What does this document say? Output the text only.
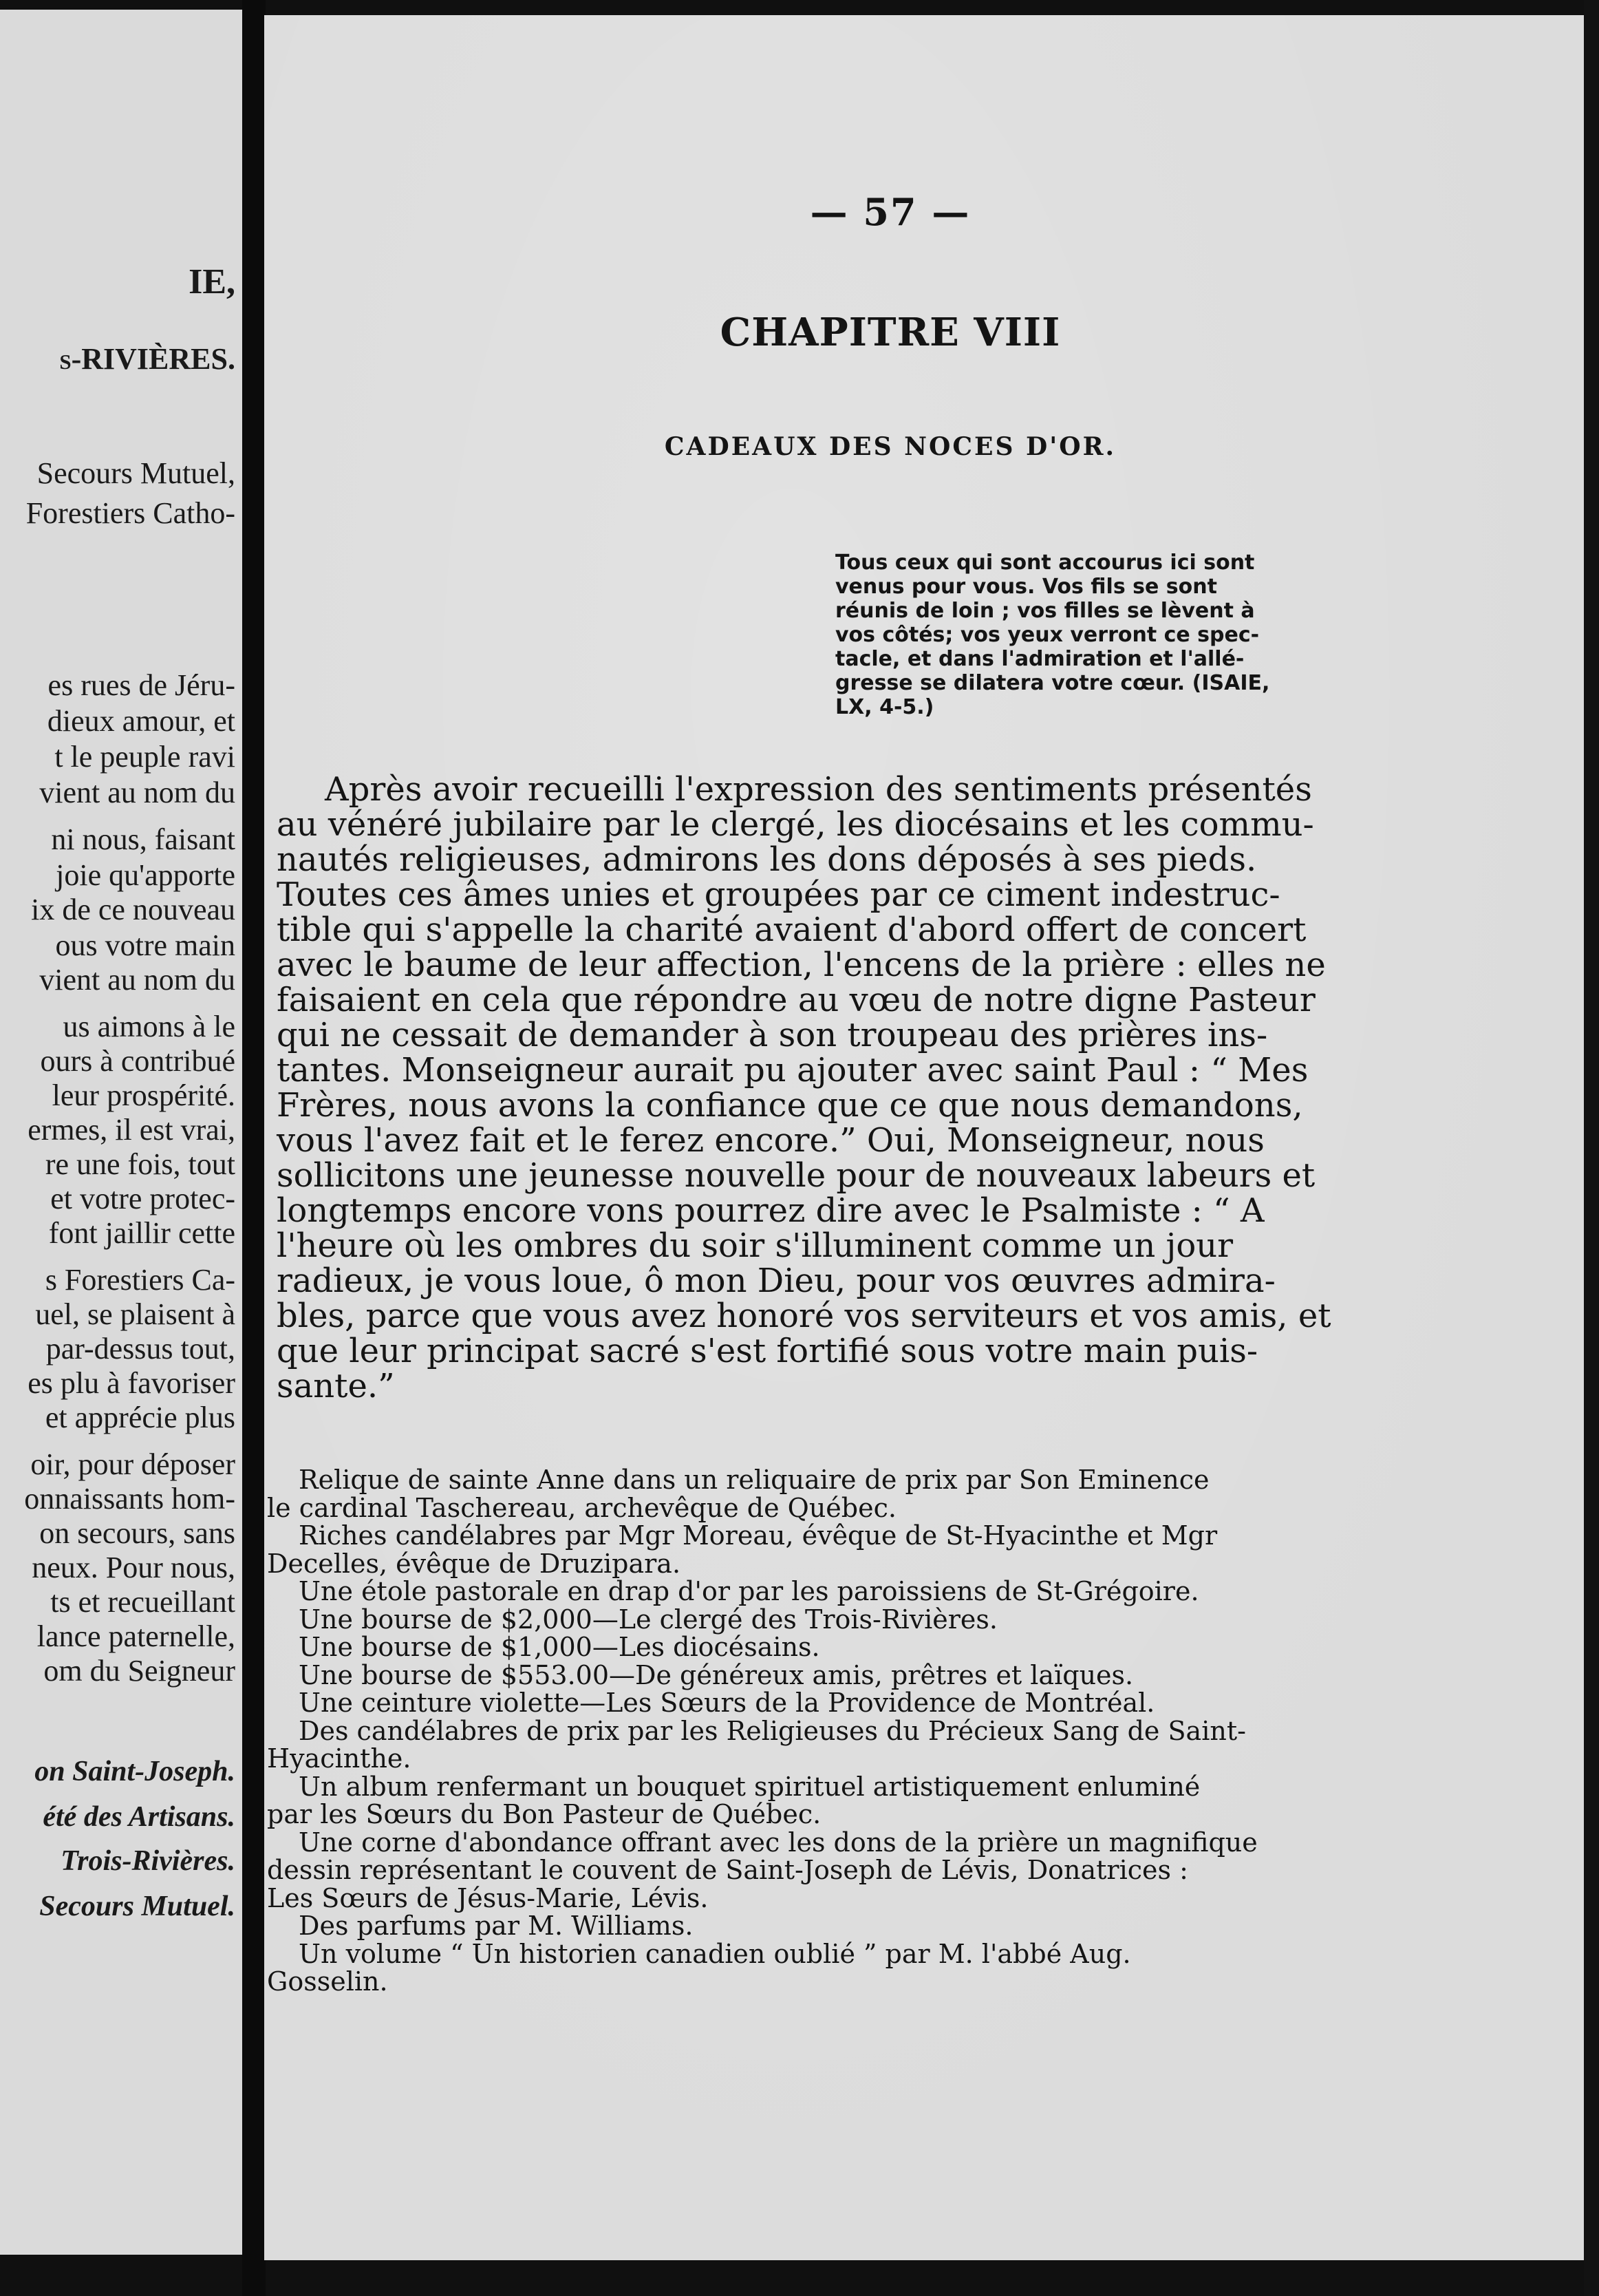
IE,
s-RIVIÈRES.
Secours Mutuel,
Forestiers Catho-
es rues de Jéru-
dieux amour, et
t le peuple ravi
vient au nom du
ni nous, faisant
joie qu'apporte
ix de ce nouveau
ous votre main
vient au nom du
us aimons à le
ours à contribué
leur prospérité.
ermes, il est vrai,
re une fois, tout
et votre protec-
font jaillir cette
s Forestiers Ca-
uel, se plaisent à
par-dessus tout,
es plu à favoriser
et apprécie plus
oir, pour déposer
onnaissants hom-
on secours, sans
neux. Pour nous,
ts et recueillant
lance paternelle,
om du Seigneur
on Saint-Joseph.
été des Artisans.
Trois-Rivières.
Secours Mutuel.
— 57 —
CHAPITRE VIII
CADEAUX DES NOCES D'OR.
Tous ceux qui sont accourus ici sont
venus pour vous. Vos fils se sont
réunis de loin ; vos filles se lèvent à
vos côtés; vos yeux verront ce spec-
tacle, et dans l'admiration et l'allé-
gresse se dilatera votre cœur. (ISAIE,
LX, 4-5.)
Après avoir recueilli l'expression des sentiments présentés
au vénéré jubilaire par le clergé, les diocésains et les commu-
nautés religieuses, admirons les dons déposés à ses pieds.
Toutes ces âmes unies et groupées par ce ciment indestruc-
tible qui s'appelle la charité avaient d'abord offert de concert
avec le baume de leur affection, l'encens de la prière : elles ne
faisaient en cela que répondre au vœu de notre digne Pasteur
qui ne cessait de demander à son troupeau des prières ins-
tantes. Monseigneur aurait pu ajouter avec saint Paul : “ Mes
Frères, nous avons la confiance que ce que nous demandons,
vous l'avez fait et le ferez encore.” Oui, Monseigneur, nous
sollicitons une jeunesse nouvelle pour de nouveaux labeurs et
longtemps encore vons pourrez dire avec le Psalmiste : “ A
l'heure où les ombres du soir s'illuminent comme un jour
radieux, je vous loue, ô mon Dieu, pour vos œuvres admira-
bles, parce que vous avez honoré vos serviteurs et vos amis, et
que leur principat sacré s'est fortifié sous votre main puis-
sante.”
Relique de sainte Anne dans un reliquaire de prix par Son Eminence
le cardinal Taschereau, archevêque de Québec.
Riches candélabres par Mgr Moreau, évêque de St-Hyacinthe et Mgr
Decelles, évêque de Druzipara.
Une étole pastorale en drap d'or par les paroissiens de St-Grégoire.
Une bourse de $2,000—Le clergé des Trois-Rivières.
Une bourse de $1,000—Les diocésains.
Une bourse de $553.00—De généreux amis, prêtres et laïques.
Une ceinture violette—Les Sœurs de la Providence de Montréal.
Des candélabres de prix par les Religieuses du Précieux Sang de Saint-
Hyacinthe.
Un album renfermant un bouquet spirituel artistiquement enluminé
par les Sœurs du Bon Pasteur de Québec.
Une corne d'abondance offrant avec les dons de la prière un magnifique
dessin représentant le couvent de Saint-Joseph de Lévis, Donatrices :
Les Sœurs de Jésus-Marie, Lévis.
Des parfums par M. Williams.
Un volume “ Un historien canadien oublié ” par M. l'abbé Aug.
Gosselin.
